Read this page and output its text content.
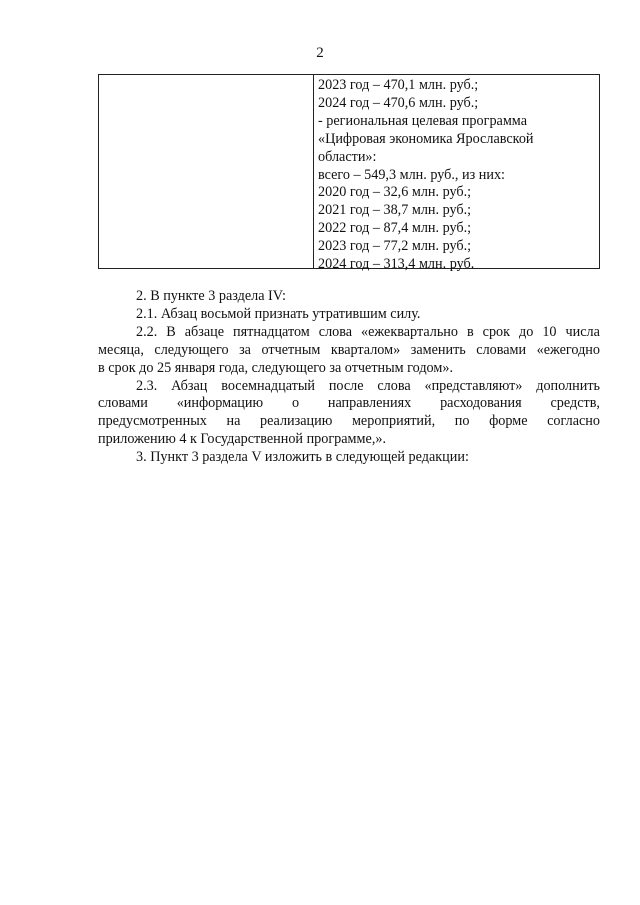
2
2023 год – 470,1 млн. руб.;
2024 год – 470,6 млн. руб.;
- региональная целевая программа
«Цифровая экономика Ярославской
области»:
всего – 549,3 млн. руб., из них:
2020 год – 32,6 млн. руб.;
2021 год – 38,7 млн. руб.;
2022 год – 87,4 млн. руб.;
2023 год – 77,2 млн. руб.;
2024 год – 313,4 млн. руб.

2. В пункте 3 раздела IV:

2.1. Абзац восьмой признать утратившим силу.

2.2. В абзаце пятнадцатом слова «ежеквартально в срок до 10 числа
месяца, следующего за отчетным кварталом» заменить словами «ежегодно
в срок до 25 января года, следующего за отчетным годом».
2.3. Абзац восемнадцатый после слова «представляют» дополнить
словами «информацию о направлениях расходования средств,
предусмотренных на реализацию мероприятий, по форме согласно
приложению 4 к Государственной программе,».

3. Пункт 3 раздела V изложить в следующей редакции:
